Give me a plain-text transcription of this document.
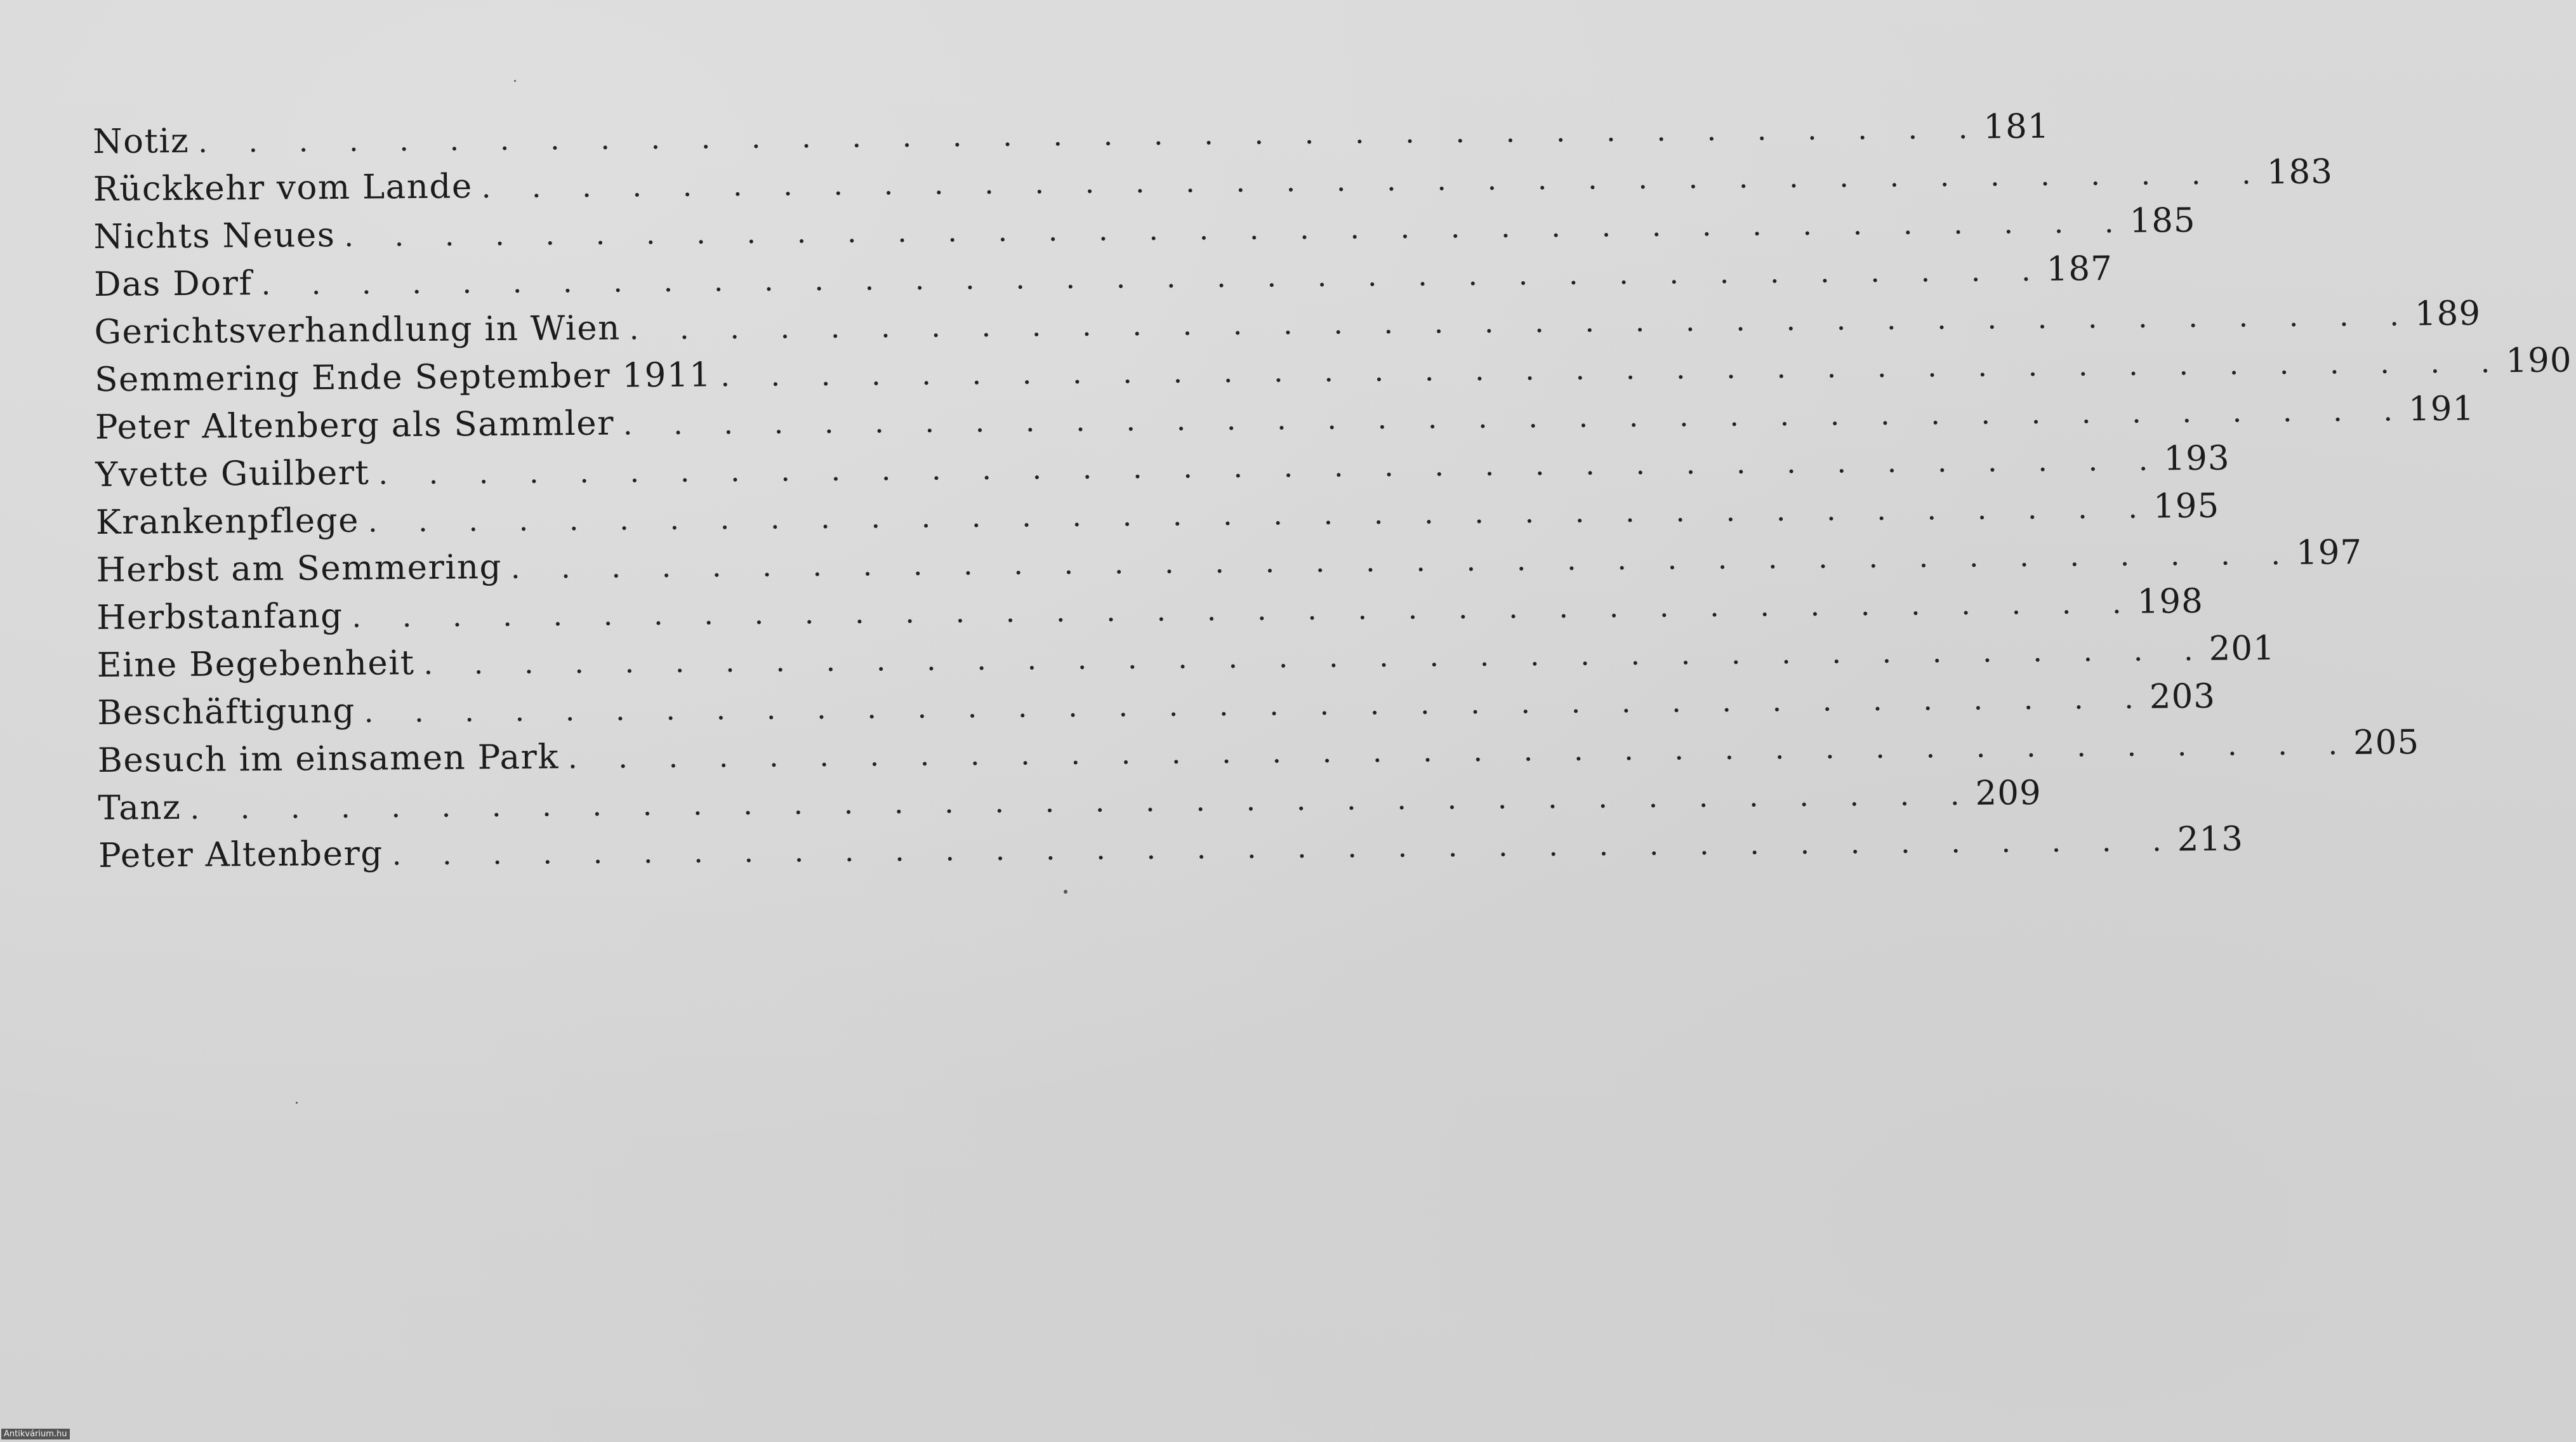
Notiz . . . . . . . . . . . . . . . . . . . . . . . . . . . . . . . . . . . . 181
Rückkehr vom Lande . . . . . . . . . . . . . . . . . . . . . . . . . . . . . . . . . . . . 183
Nichts Neues . . . . . . . . . . . . . . . . . . . . . . . . . . . . . . . . . . . . 185
Das Dorf . . . . . . . . . . . . . . . . . . . . . . . . . . . . . . . . . . . . 187
Gerichtsverhandlung in Wien . . . . . . . . . . . . . . . . . . . . . . . . . . . . . . . . . . . . 189
Semmering Ende September 1911 . . . . . . . . . . . . . . . . . . . . . . . . . . . . . . . . . . . . 190
Peter Altenberg als Sammler . . . . . . . . . . . . . . . . . . . . . . . . . . . . . . . . . . . . 191
Yvette Guilbert . . . . . . . . . . . . . . . . . . . . . . . . . . . . . . . . . . . . 193
Krankenpflege . . . . . . . . . . . . . . . . . . . . . . . . . . . . . . . . . . . . 195
Herbst am Semmering . . . . . . . . . . . . . . . . . . . . . . . . . . . . . . . . . . . . 197
Herbstanfang . . . . . . . . . . . . . . . . . . . . . . . . . . . . . . . . . . . . 198
Eine Begebenheit . . . . . . . . . . . . . . . . . . . . . . . . . . . . . . . . . . . . 201
Beschäftigung . . . . . . . . . . . . . . . . . . . . . . . . . . . . . . . . . . . . 203
Besuch im einsamen Park . . . . . . . . . . . . . . . . . . . . . . . . . . . . . . . . . . . . 205
Tanz . . . . . . . . . . . . . . . . . . . . . . . . . . . . . . . . . . . . 209
Peter Altenberg . . . . . . . . . . . . . . . . . . . . . . . . . . . . . . . . . . . . 213
Antikvárium.hu
